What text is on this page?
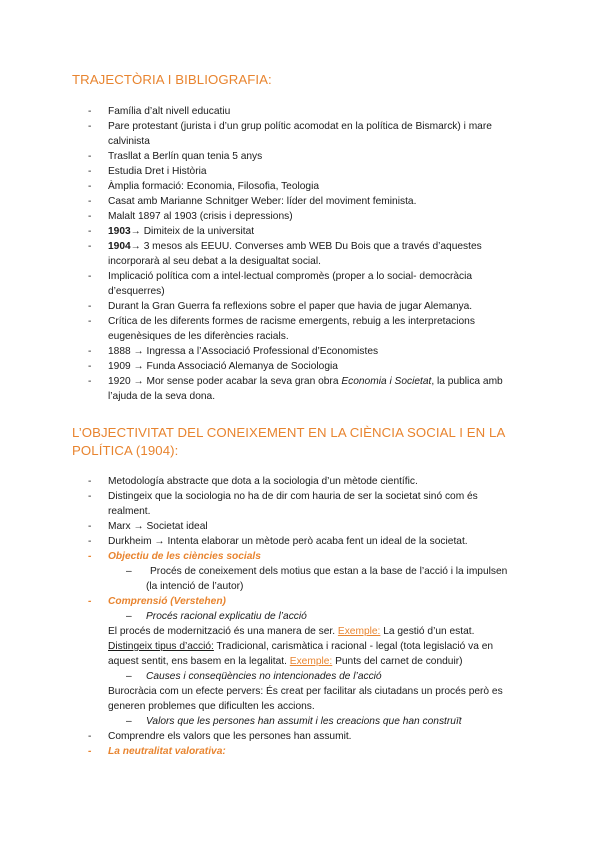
TRAJECTÒRIA I BIBLIOGRAFIA:
- Família d’alt nivell educatiu
- Pare protestant (jurista i d’un grup polític acomodat en la política de Bismarck) i mare calvinista
- Trasllat a Berlín quan tenia 5 anys
- Estudia Dret i Història
- Àmplia formació: Economia, Filosofia, Teologia
- Casat amb Marianne Schnitger Weber: líder del moviment feminista.
- Malalt 1897 al 1903 (crisis i depressions)
- 1903→ Dimiteix de la universitat
- 1904→ 3 mesos als EEUU. Converses amb WEB Du Bois que a través d’aquestes incorporarà al seu debat a la desigualtat social.
- Implicació política com a intel·lectual compromès (proper a lo social- democràcia d’esquerres)
- Durant la Gran Guerra fa reflexions sobre el paper que havia de jugar Alemanya.
- Crítica de les diferents formes de racisme emergents, rebuig a les interpretacions eugenèsiques de les diferències racials.
- 1888 → Ingressa a l’Associació Professional d’Economistes
- 1909 → Funda Associació Alemanya de Sociologia
- 1920 → Mor sense poder acabar la seva gran obra Economia i Societat, la publica amb l’ajuda de la seva dona.
L’OBJECTIVITAT DEL CONEIXEMENT EN LA CIÈNCIA SOCIAL I EN LA POLÍTICA (1904):
- Metodología abstracte que dota a la sociologia d’un mètode científic.
- Distingeix que la sociologia no ha de dir com hauria de ser la societat sinó com és realment.
- Marx → Societat ideal
- Durkheim → Intenta elaborar un mètode però acaba fent un ideal de la societat.
- Objectiu de les ciències socials
– Procés de coneixement dels motius que estan a la base de l’acció i la impulsen (la intenció de l’autor)
- Comprensió (Verstehen)
– Procés racional explicatiu de l’acció
El procés de modernització és una manera de ser. Exemple: La gestió d’un estat.
Distingeix tipus d’acció: Tradicional, carismàtica i racional - legal (tota legislació va en aquest sentit, ens basem en la legalitat. Exemple: Punts del carnet de conduir)
– Causes i conseqüències no intencionades de l’acció
Burocràcia com un efecte pervers: És creat per facilitar als ciutadans un procés però es generen problemes que dificulten les accions.
– Valors que les persones han assumit i les creacions que han construït
- Comprendre els valors que les persones han assumit.
- La neutralitat valorativa:
